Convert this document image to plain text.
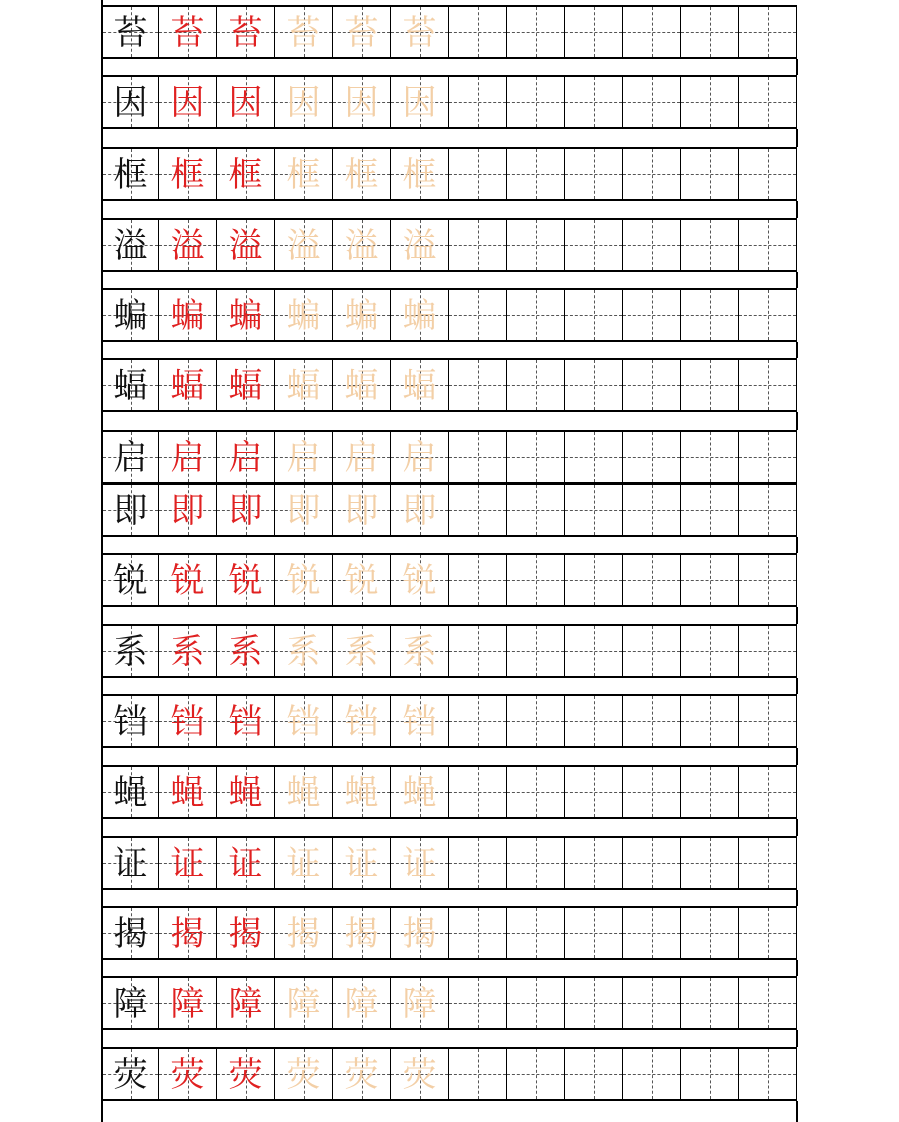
苔 苔 苔 苔 苔 苔
因 因 因 因 因 因
框 框 框 框 框 框
溢 溢 溢 溢 溢 溢
蝙 蝙 蝙 蝙 蝙 蝙
蝠 蝠 蝠 蝠 蝠 蝠
启 启 启 启 启 启
即 即 即 即 即 即
锐 锐 锐 锐 锐 锐
系 系 系 系 系 系
铛 铛 铛 铛 铛 铛
蝇 蝇 蝇 蝇 蝇 蝇
证 证 证 证 证 证
揭 揭 揭 揭 揭 揭
障 障 障 障 障 障
荧 荧 荧 荧 荧 荧
